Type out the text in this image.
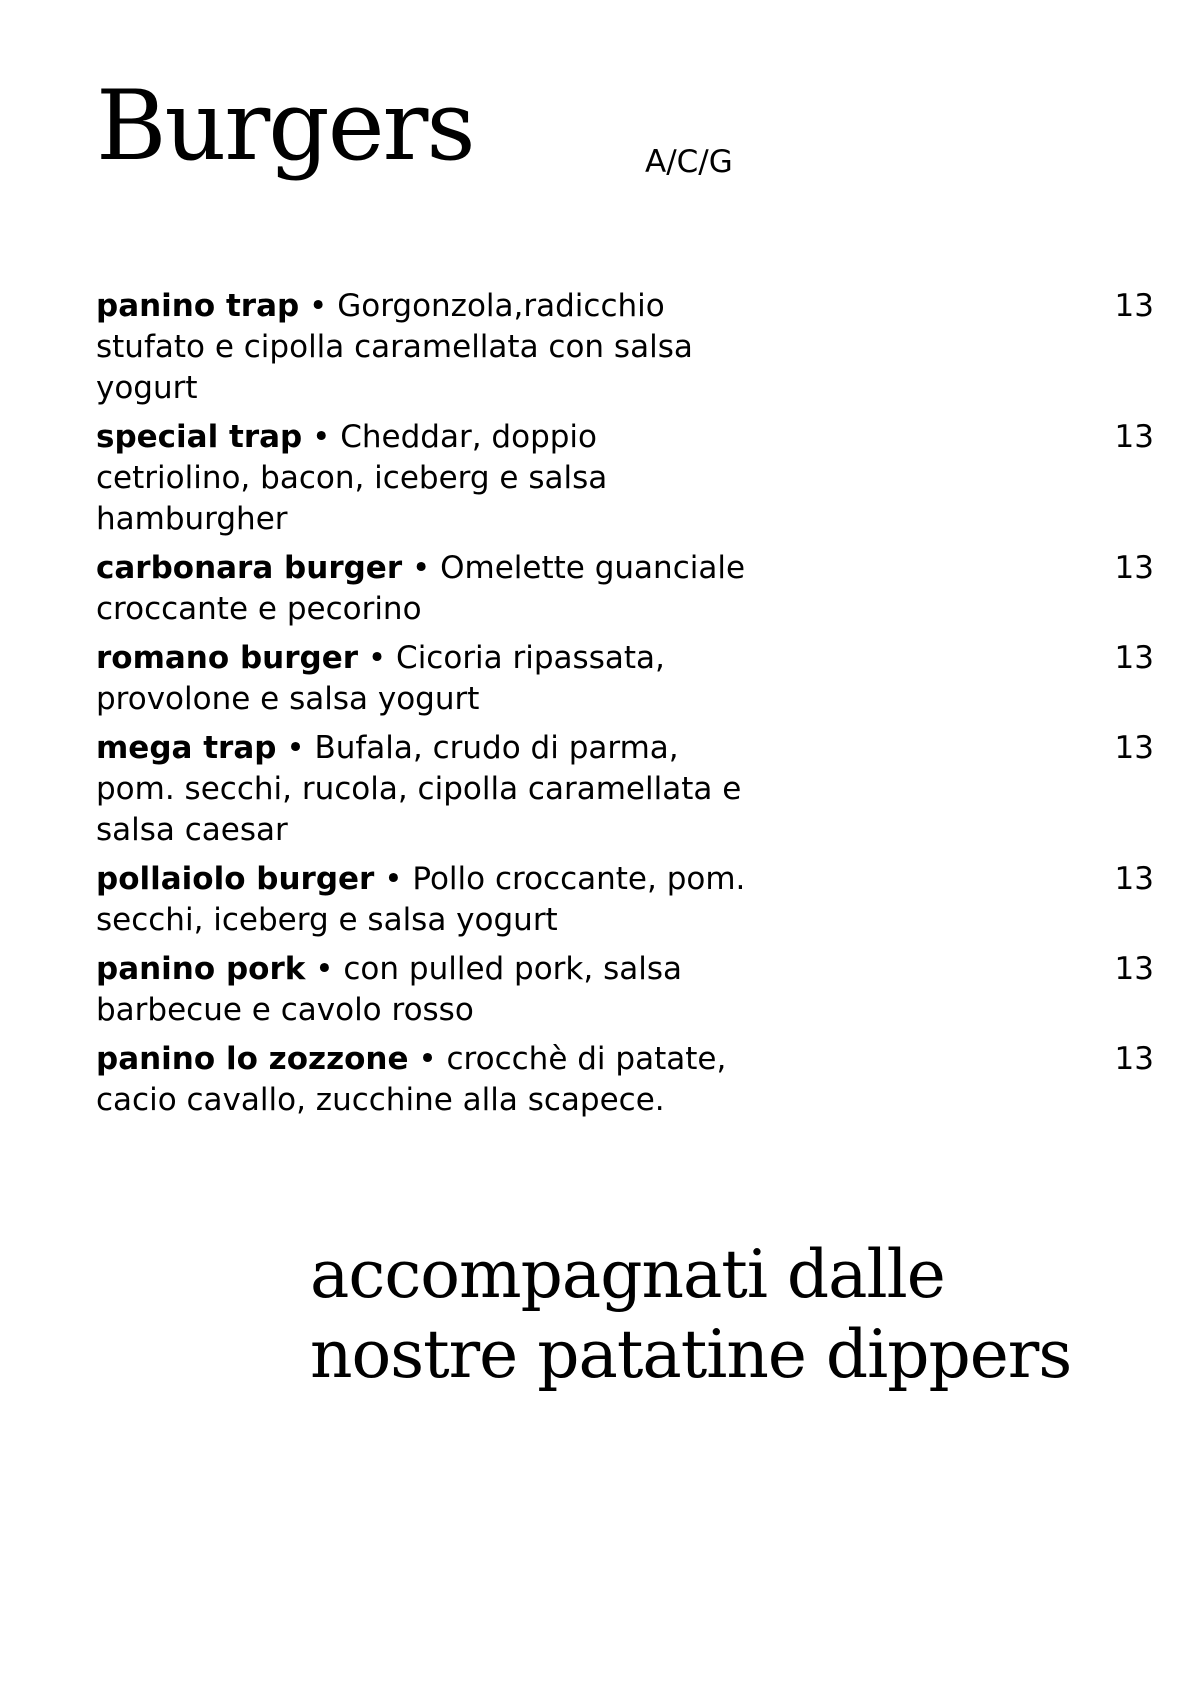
Burgers	A/C/G
panino trap • Gorgonzola,radicchio stufato e cipolla caramellata con salsa yogurt
13
special trap • Cheddar, doppio cetriolino, bacon, iceberg e salsa hamburgher
13
carbonara burger • Omelette guanciale croccante e pecorino
13
romano burger • Cicoria ripassata, provolone e salsa yogurt
13
mega trap • Bufala, crudo di parma, pom. secchi, rucola, cipolla caramellata e salsa caesar
13
pollaiolo burger • Pollo croccante, pom. secchi, iceberg e salsa yogurt
13
panino pork • con pulled pork, salsa barbecue e cavolo rosso
13
panino lo zozzone • crocchè di patate, cacio cavallo, zucchine alla scapece.
13

accompagnati dalle
nostre patatine dippers
